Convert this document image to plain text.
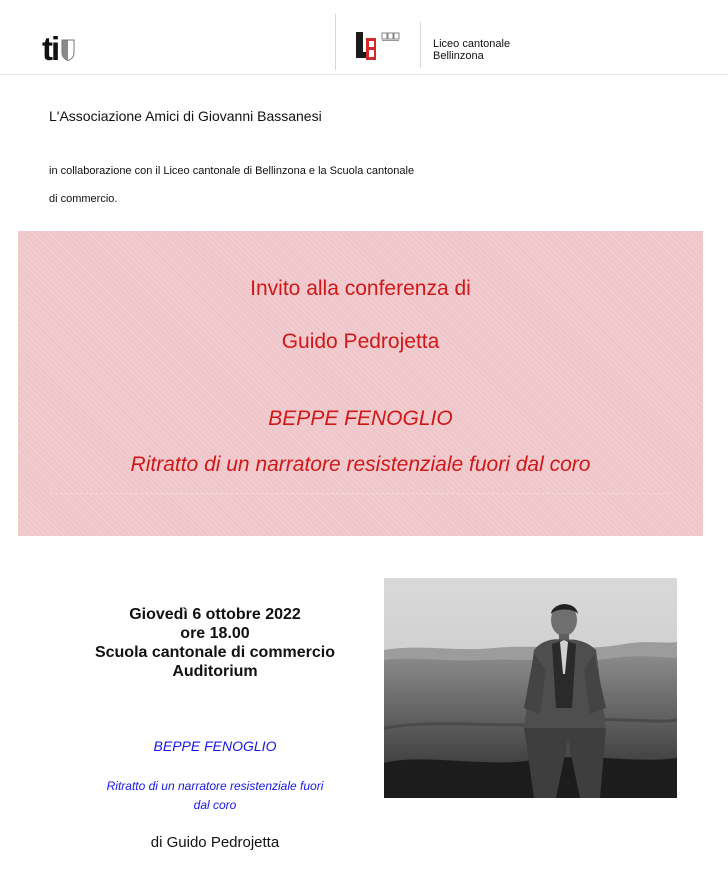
ti	Liceo cantonale
Bellinzona
L'Associazione Amici di Giovanni Bassanesi
in collaborazione con il Liceo cantonale di Bellinzona e la Scuola cantonale
di commercio.
Invito alla conferenza di
Guido Pedrojetta
BEPPE FENOGLIO
Ritratto di un narratore resistenziale fuori dal coro
Giovedì 6 ottobre 2022
ore 18.00
Scuola cantonale di commercio
Auditorium
BEPPE FENOGLIO
Ritratto di un narratore resistenziale fuori
dal coro
di Guido Pedrojetta
